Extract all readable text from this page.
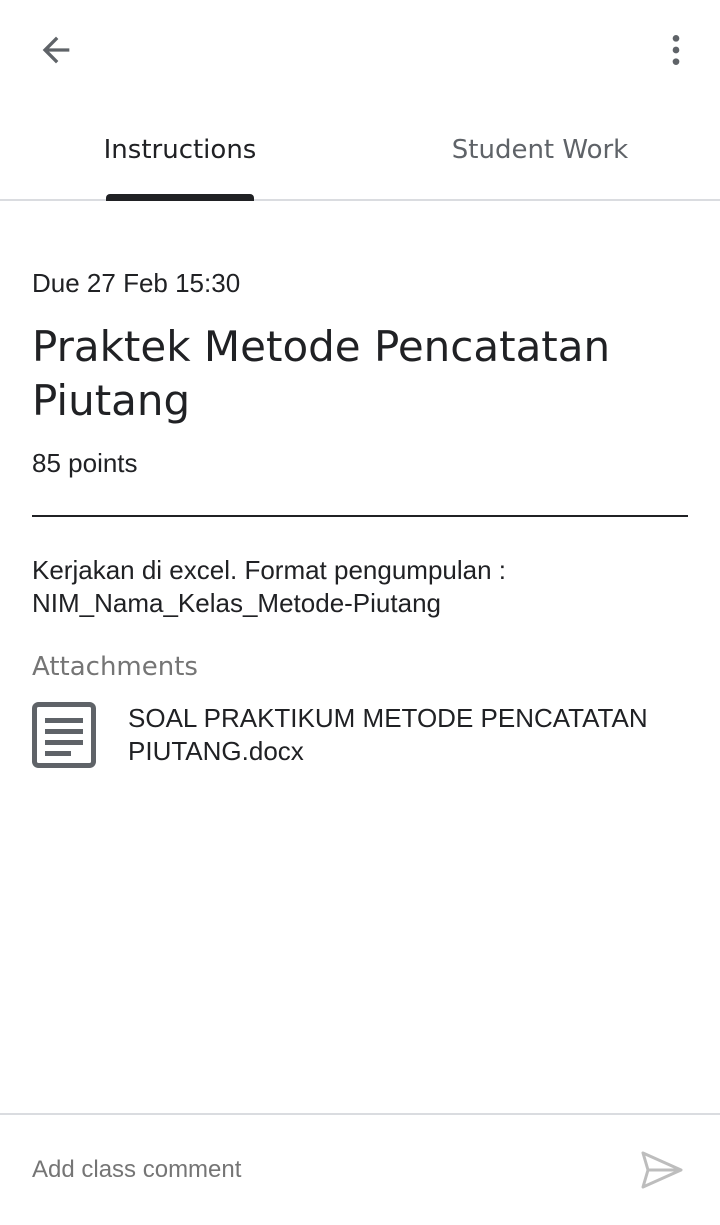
Instructions	Student Work
Due 27 Feb 15:30
Praktek Metode Pencatatan Piutang
85 points
Kerjakan di excel. Format pengumpulan :
NIM_Nama_Kelas_Metode-Piutang
Attachments
SOAL PRAKTIKUM METODE PENCATATAN PIUTANG.docx
Add class comment
